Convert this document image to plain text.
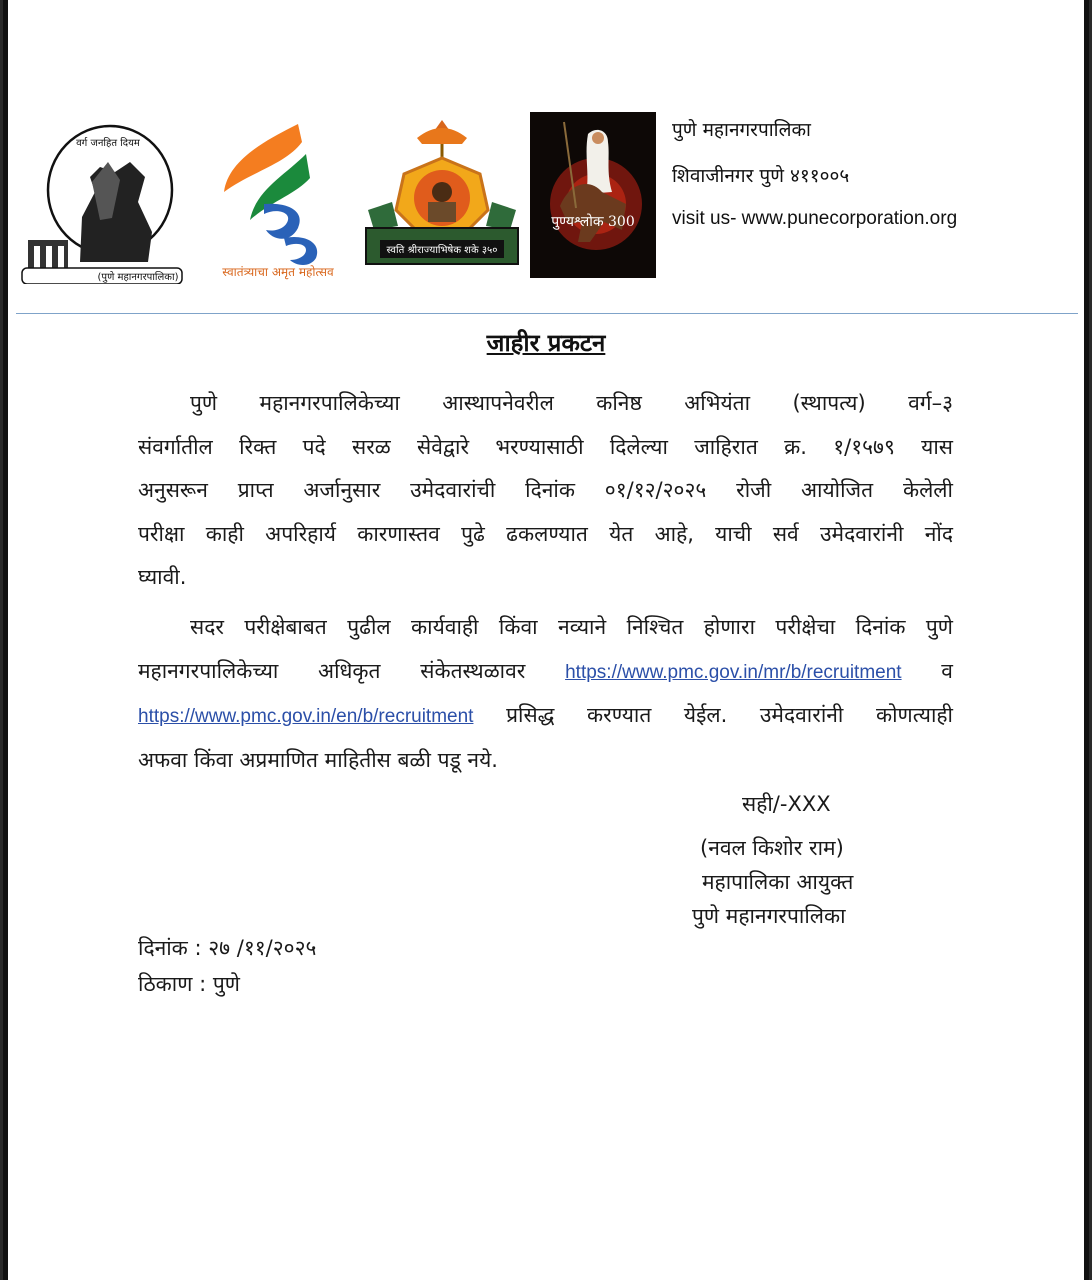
वर्ग जनहित दियम
(पुणे महानगरपालिका)	स्वातंत्र्याचा अमृत महोत्सव
स्वति श्रीराज्याभिषेक शके ३५०
पुण्यश्लोक 300
पुणे महानगरपालिका
शिवाजीनगर पुणे ४११००५
visit us- www.punecorporation.org
जाहीर प्रकटन
पुणे महानगरपालिकेच्या आस्थापनेवरील कनिष्ठ अभियंता (स्थापत्य) वर्ग–३
संवर्गातील रिक्त पदे सरळ सेवेद्वारे भरण्यासाठी दिलेल्या जाहिरात क्र. १/१५७९ यास
अनुसरून प्राप्त अर्जानुसार उमेदवारांची दिनांक ०१/१२/२०२५ रोजी आयोजित केलेली
परीक्षा काही अपरिहार्य कारणास्तव पुढे ढकलण्यात येत आहे, याची सर्व उमेदवारांनी नोंद
घ्यावी.
सदर परीक्षेबाबत पुढील कार्यवाही किंवा नव्याने निश्चित होणारा परीक्षेचा दिनांक पुणे
महानगरपालिकेच्या अधिकृत संकेतस्थळावर https://www.pmc.gov.in/mr/b/recruitment व
https://www.pmc.gov.in/en/b/recruitment प्रसिद्ध करण्यात येईल. उमेदवारांनी कोणत्याही
अफवा किंवा अप्रमाणित माहितीस बळी पडू नये.
सही/-XXX
(नवल किशोर राम)
महापालिका आयुक्त
पुणे महानगरपालिका
दिनांक : २७ /११/२०२५
ठिकाण : पुणे
